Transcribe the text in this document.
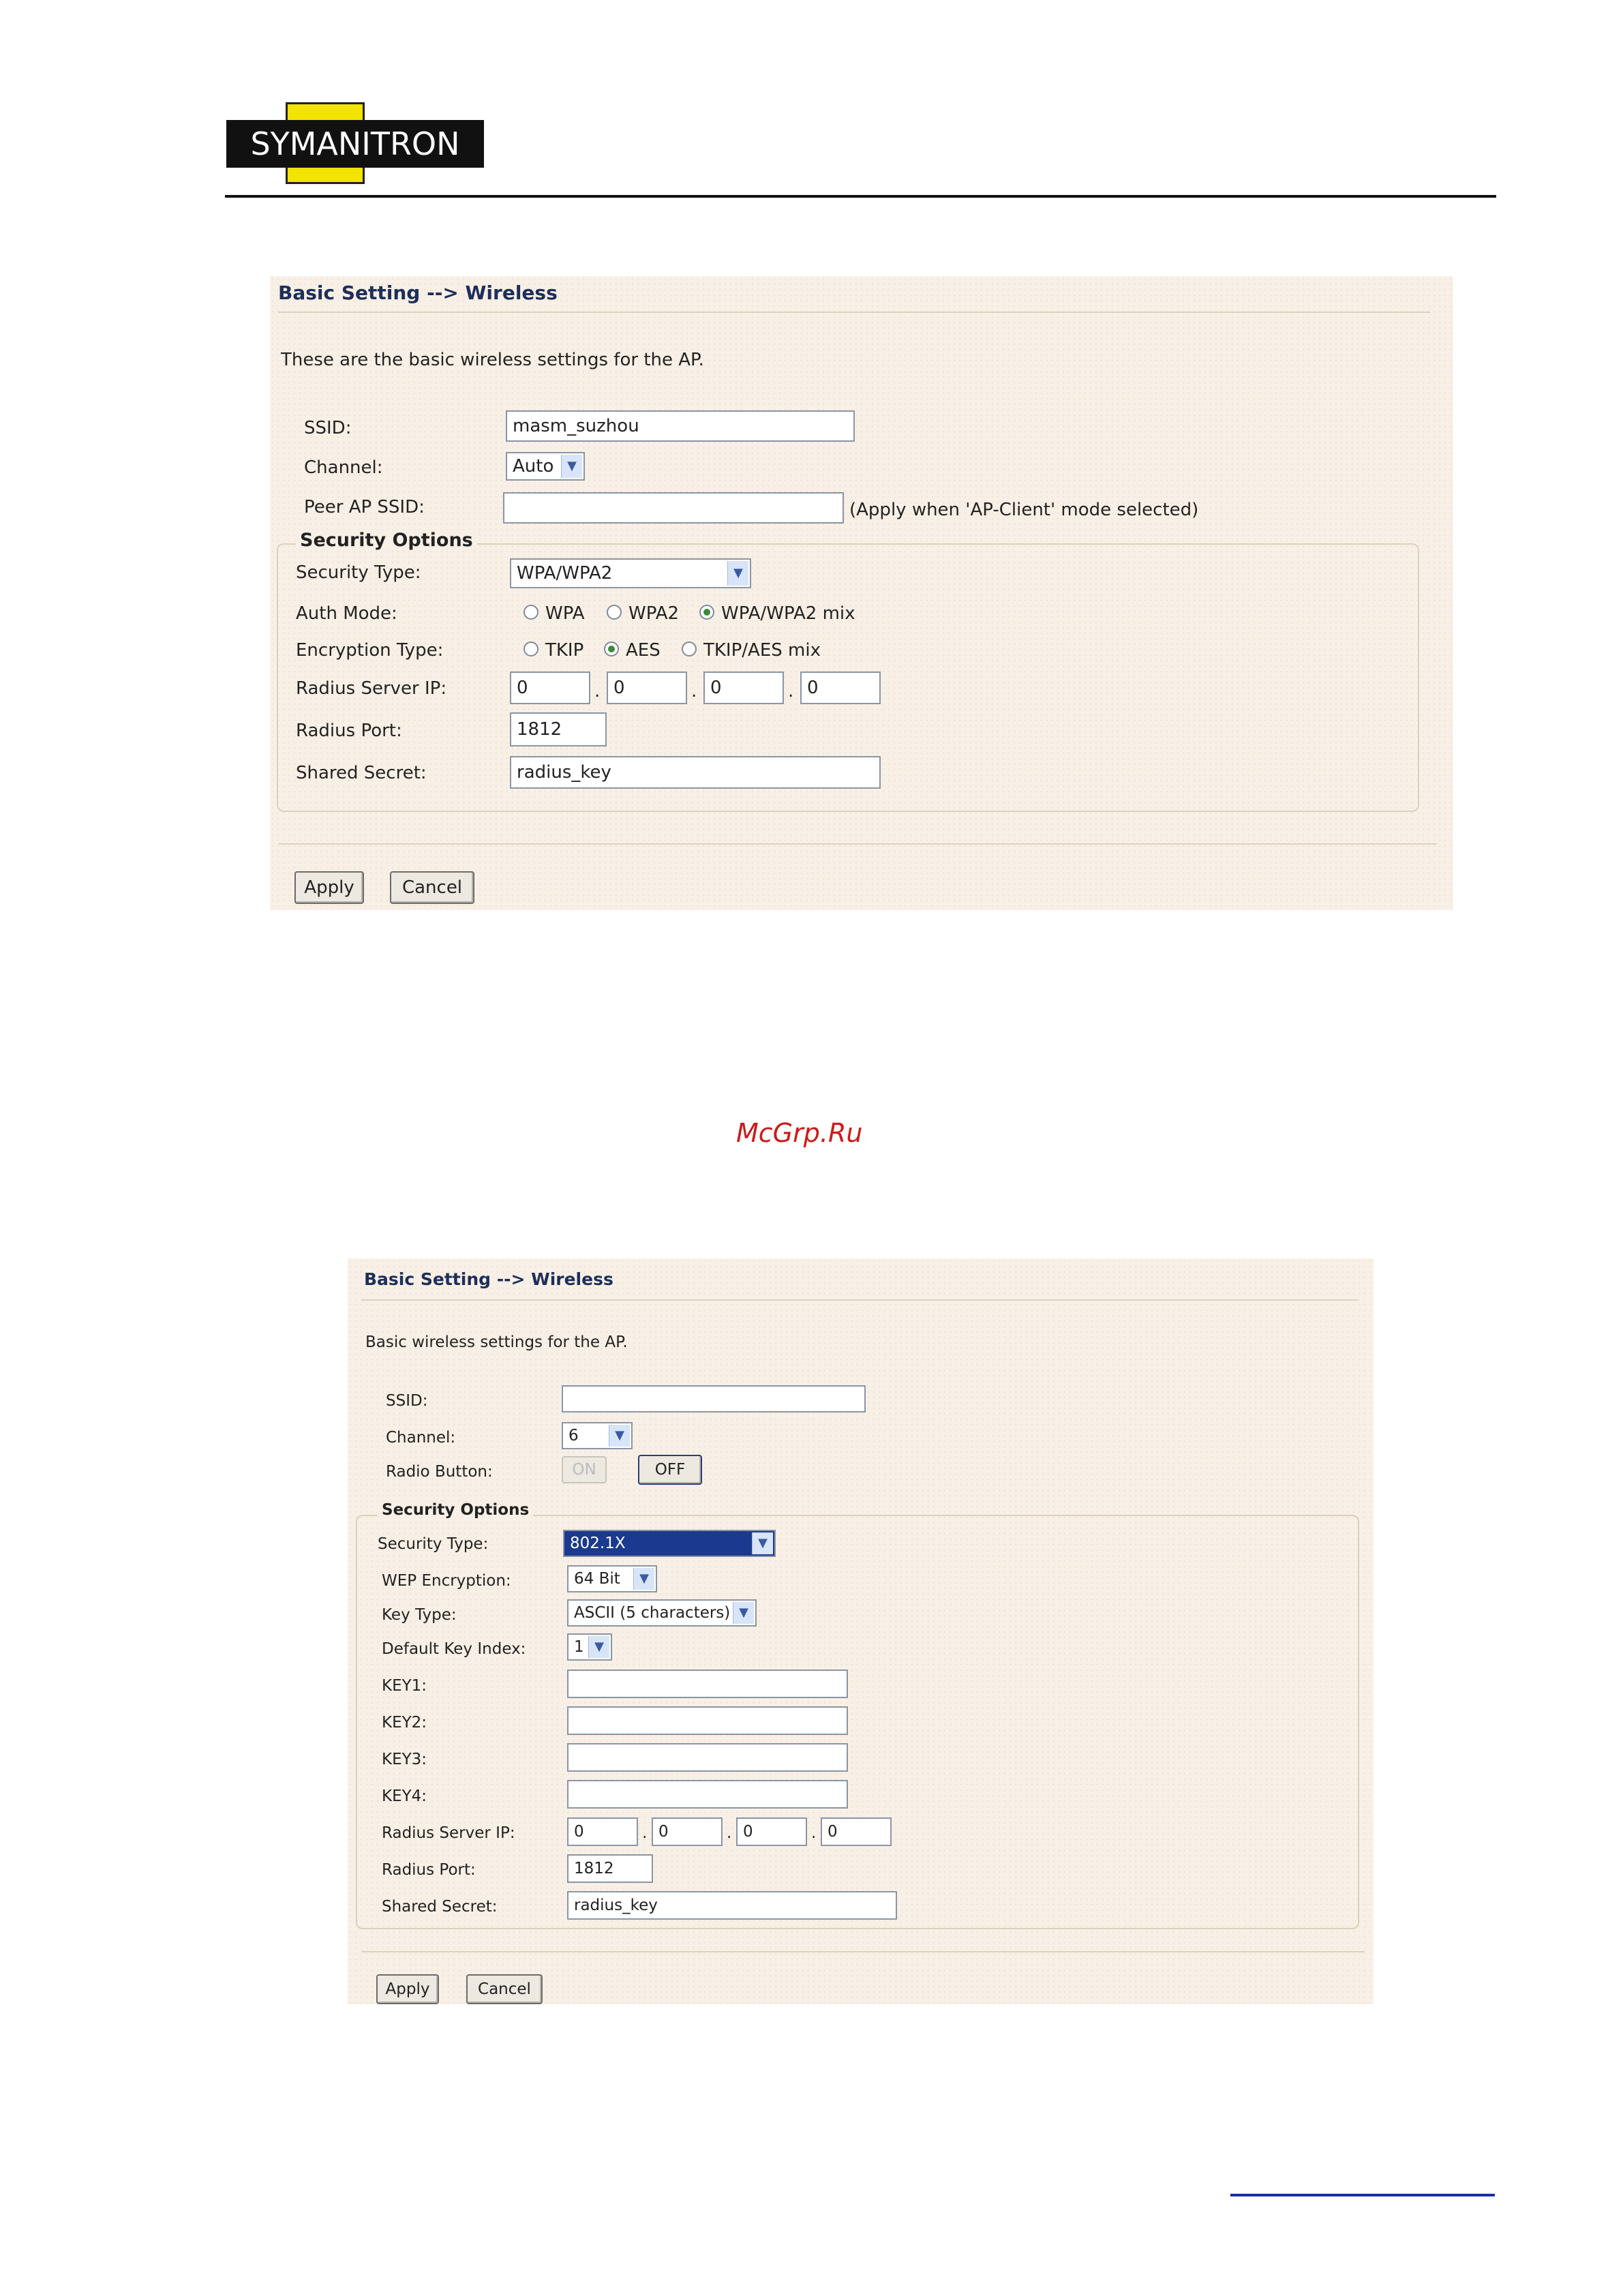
SYMANITRON
Basic Setting --> Wireless
These are the basic wireless settings for the AP.
SSID:	masm_suzhou
Channel:	Auto	▼
Peer AP SSID:	(Apply when 'AP-Client' mode selected)
Security Options
Security Type:	WPA/WPA2	▼
Auth Mode:	WPA WPA2 WPA/WPA2 mix
Encryption Type:	TKIP AES TKIP/AES mix
Radius Server IP:	0	. 0	. 0	. 0
Radius Port:	1812
Shared Secret:	radius_key
Apply	Cancel
McGrp.Ru
Basic Setting --> Wireless
Basic wireless settings for the AP.
SSID:
Channel:	6	▼
Radio Button:	ON	OFF
Security Options
Security Type:	802.1X	▼
WEP Encryption:	64 Bit	▼
Key Type:	ASCII (5 characters) ▼
Default Key Index:	1 ▼
KEY1:
KEY2:
KEY3:
KEY4:
Radius Server IP:	0	. 0	. 0	. 0
Radius Port:	1812
Shared Secret:	radius_key
Apply	Cancel
